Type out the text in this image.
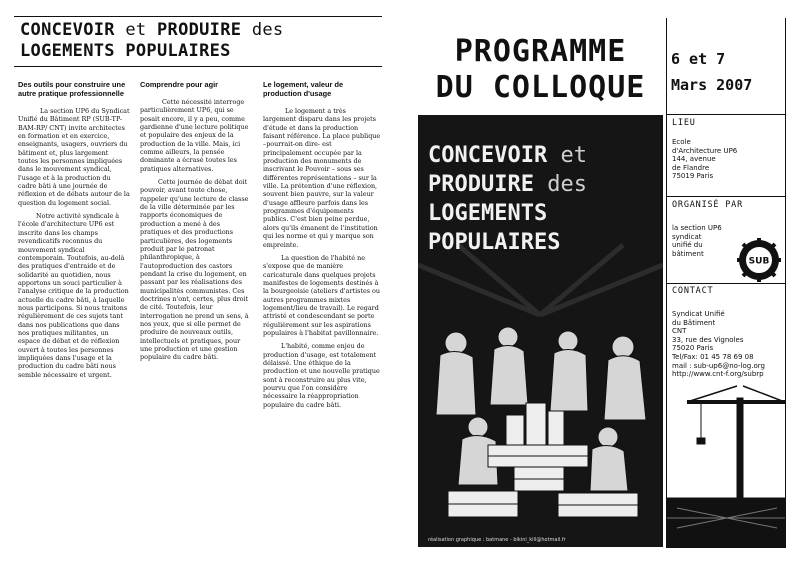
CONCEVOIR et PRODUIRE des
LOGEMENTS POPULAIRES
Des outils pour construire une autre pratique professionnelle

La section UP6 du Syndicat Unifié du Bâtiment RP (SUB-TP-BAM-RP/ CNT) invite architectes en formation et en exercice, enseignants, usagers, ouvriers du bâtiment et, plus largement toutes les personnes impliquées dans le mouvement syndical, l'usage et à la production du cadre bâti à une journée de réflexion et de débats autour de la question du logement social.

Notre activité syndicale à l'école d'architecture UP6 est inscrite dans les champs revendicatifs reconnus du mouvement syndical contemporain. Toutefois, au-delà des pratiques d'entraide et de solidarité au quotidien, nous apportons un souci particulier à l'analyse critique de la production actuelle du cadre bâti, à laquelle nous participons. Si nous traitons régulièrement de ces sujets tant dans nos publications que dans nos pratiques militantes, un espace de débat et de réflexion ouvert à toutes les personnes impliquées dans l'usage et la production du cadre bâti nous semble nécessaire et urgent.

Comprendre pour agir

Cette nécessité interroge particulièrement UP6, qui se posait encore, il y a peu, comme gardienne d'une lecture politique et populaire des enjeux de la production de la ville. Mais, ici comme ailleurs, la pensée dominante a écrasé toutes les pratiques alternatives.

Cette journée de débat doit pouvoir, avant toute chose, rappeler qu'une lecture de classe de la ville déterminée par les rapports économiques de production a mené à des pratiques et des productions particulières, des logements produit par le patronat philanthropique, à l'autoproduction des castors pendant la crise du logement, en passant par les réalisations des municipalités communistes. Ces doctrines n'ont, certes, plus droit de cité. Toutefois, leur interrogation ne prend un sens, à nos yeux, que si elle permet de produire de nouveaux outils, intellectuels et pratiques, pour une production et une gestion populaire du cadre bâti.

Le logement, valeur de production d'usage

Le logement a très largement disparu dans les projets d'étude et dans la production faisant référence. La place publique –pourrait-on dire- est principalement occupée par la production des monuments de inscrivant le Pouvoir – sous ses différentes représentations – sur la ville. La prétention d'une réflexion, souvent bien pauvre, sur la valeur d'usage affleure parfois dans les programmes d'équipements publics. C'est bien peine perdue, alors qu'ils émanent de l'institution qui les norme et qui y marque son empreinte.

La question de l'habité ne s'expose que de manière caricaturale dans quelques projets manifestes de logements destinés à la bourgeoisie (ateliers d'artistes ou autres programmes mixtes logement/lieu de travail). Le regard attristé et condescendant se porte régulièrement sur les aspirations populaires à l'habitat pavillonnaire.

L'habité, comme enjeu de production d'usage, est totalement délaissé. Une éthique de la production et une nouvelle pratique sont à reconstruire au plus vite, pourvu que l'on considère nécessaire la réappropriation populaire du cadre bâti.

PROGRAMME
DU COLLOQUE
CONCEVOIR et
PRODUIRE des
LOGEMENTS
POPULAIRES

réalisation graphique : batmane - bikini_kill@hotmail.fr

6 et 7
Mars 2007

LIEU

Ecole
d'Architecture UP6
144, avenue
de Flandre
75019 Paris

ORGANISÉ PAR

la section UP6
syndicat
unifié du
bâtiment

SUB

CONTACT

Syndicat Unifié
du Bâtiment
CNT
33, rue des Vignoles
75020 Paris
Tel/Fax: 01 45 78 69 08
mail : sub-up6@no-log.org
http://www.cnt-f.org/subrp
